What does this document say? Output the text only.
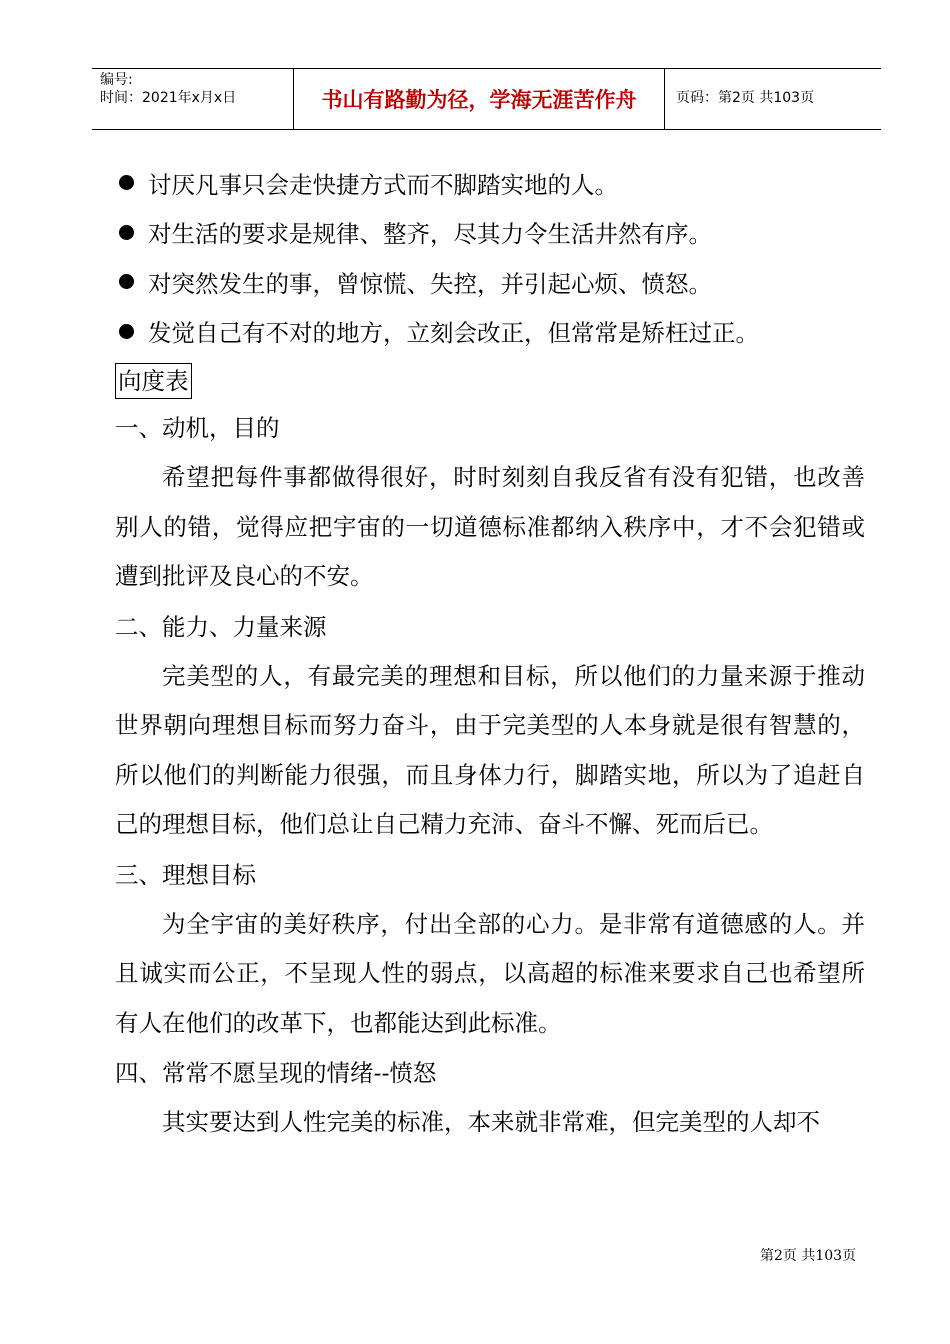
编号:
时间：2021年x月x日	书山有路勤为径，学海无涯苦作舟	页码：第2页 共103页
讨厌凡事只会走快捷方式而不脚踏实地的人。
对生活的要求是规律、整齐，尽其力令生活井然有序。
对突然发生的事，曾惊慌、失控，并引起心烦、愤怒。
发觉自己有不对的地方，立刻会改正，但常常是矫枉过正。
向度表
一、动机，目的
希望把每件事都做得很好，时时刻刻自我反省有没有犯错，也改善别人的错，觉得应把宇宙的一切道德标准都纳入秩序中，才不会犯错或遭到批评及良心的不安。
二、能力、力量来源
完美型的人，有最完美的理想和目标，所以他们的力量来源于推动世界朝向理想目标而努力奋斗，由于完美型的人本身就是很有智慧的，所以他们的判断能力很强，而且身体力行，脚踏实地，所以为了追赶自己的理想目标，他们总让自己精力充沛、奋斗不懈、死而后已。
三、理想目标
为全宇宙的美好秩序，付出全部的心力。是非常有道德感的人。并且诚实而公正，不呈现人性的弱点，以高超的标准来要求自己也希望所有人在他们的改革下，也都能达到此标准。
四、常常不愿呈现的情绪--愤怒
其实要达到人性完美的标准，本来就非常难，但完美型的人却不
第2页 共103页
